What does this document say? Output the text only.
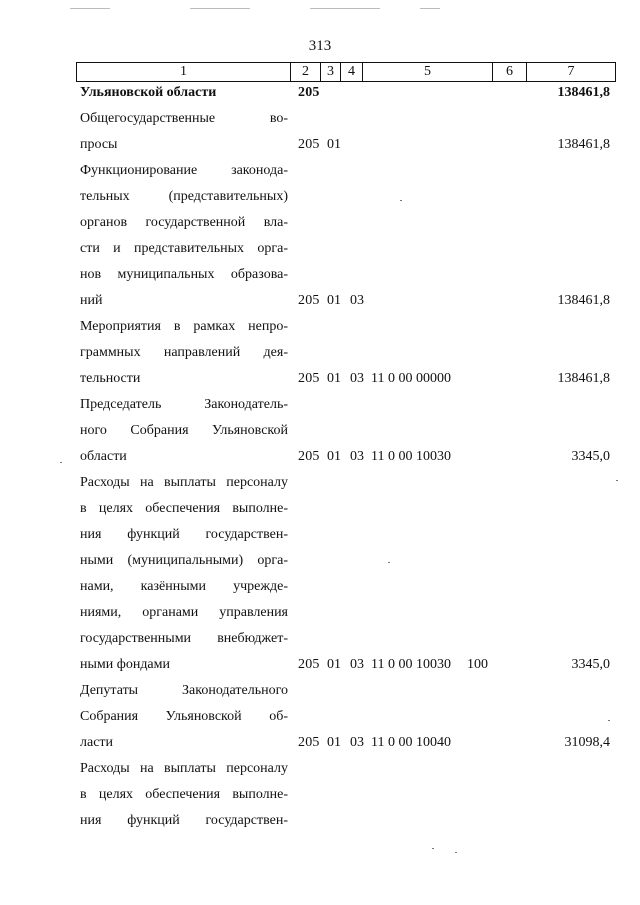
313
1	2	3	4	5	6	7
Ульяновской области	205	138461,8
Общегосударственные во-
просы	205 01	138461,8
Функционирование законода-
тельных (представительных)
органов государственной вла-
сти и представительных орга-
нов муниципальных образова-
ний	205 01 03	138461,8
Мероприятия в рамках непро-
граммных направлений дея-
тельности	205 01 03 11 0 00 00000	138461,8
Председатель Законодатель-
ного Собрания Ульяновской
области	205 01 03 11 0 00 10030	3345,0
Расходы на выплаты персоналу
в целях обеспечения выполне-
ния функций государствен-
ными (муниципальными) орга-
нами, казёнными учрежде-
ниями, органами управления
государственными внебюджет-
ными фондами	205 01 03 11 0 00 10030 100	3345,0
Депутаты Законодательного
Собрания Ульяновской об-
ласти	205 01 03 11 0 00 10040	31098,4
Расходы на выплаты персоналу
в целях обеспечения выполне-
ния функций государствен-
